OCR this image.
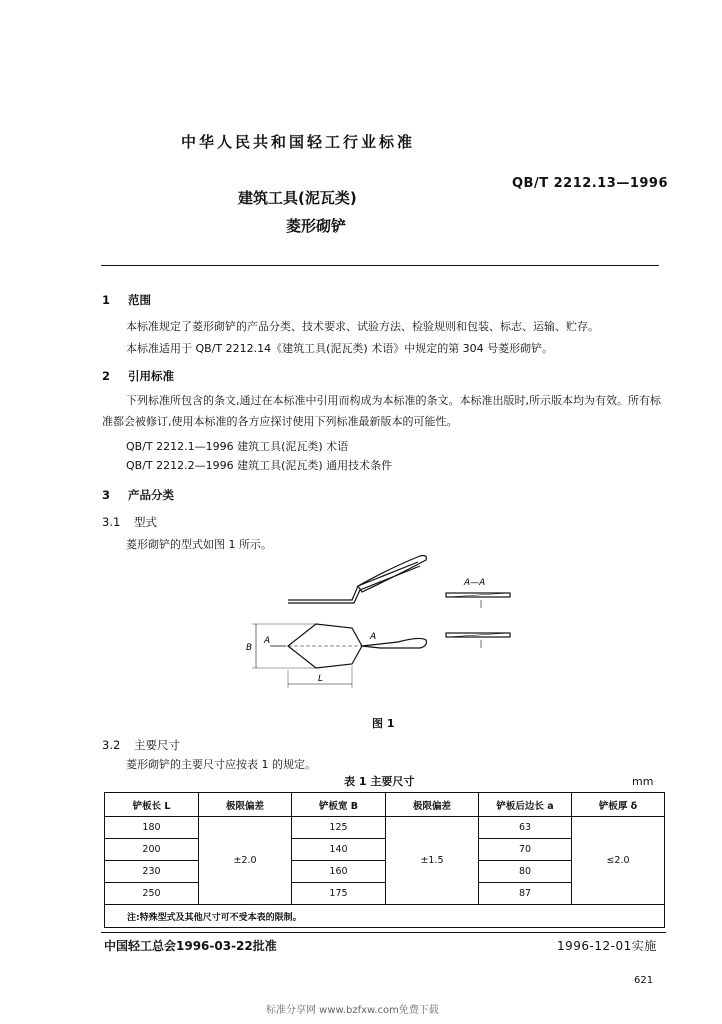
中华人民共和国轻工行业标准
QB/T 2212.13—1996
建筑工具(泥瓦类)
菱形砌铲
1 范围
本标准规定了菱形砌铲的产品分类、技术要求、试验方法、检验规则和包装、标志、运输、贮存。
本标准适用于 QB/T 2212.14《建筑工具(泥瓦类) 术语》中规定的第 304 号菱形砌铲。
2 引用标准
下列标准所包含的条文,通过在本标准中引用而构成为本标准的条文。本标准出版时,所示版本均为有效。所有标准都会被修订,使用本标准的各方应探讨使用下列标准最新版本的可能性。
QB/T 2212.1—1996 建筑工具(泥瓦类) 术语
QB/T 2212.2—1996 建筑工具(泥瓦类) 通用技术条件
3 产品分类
3.1 型式
菱形砌铲的型式如图 1 所示。
A—A
B
A	A
L
图 1
3.2 主要尺寸
菱形砌铲的主要尺寸应按表 1 的规定。
表 1 主要尺寸	mm
铲板长 L	极限偏差	铲板宽 B	极限偏差	铲板后边长 a	铲板厚 δ
180	±2.0	125	±1.5	63	≤2.0
200		140		70	
230		160		80	
250		175		87	
注:特殊型式及其他尺寸可不受本表的限制。					
中国轻工总会1996-03-22批准	1996-12-01实施
621
标准分享网 www.bzfxw.com免费下载
